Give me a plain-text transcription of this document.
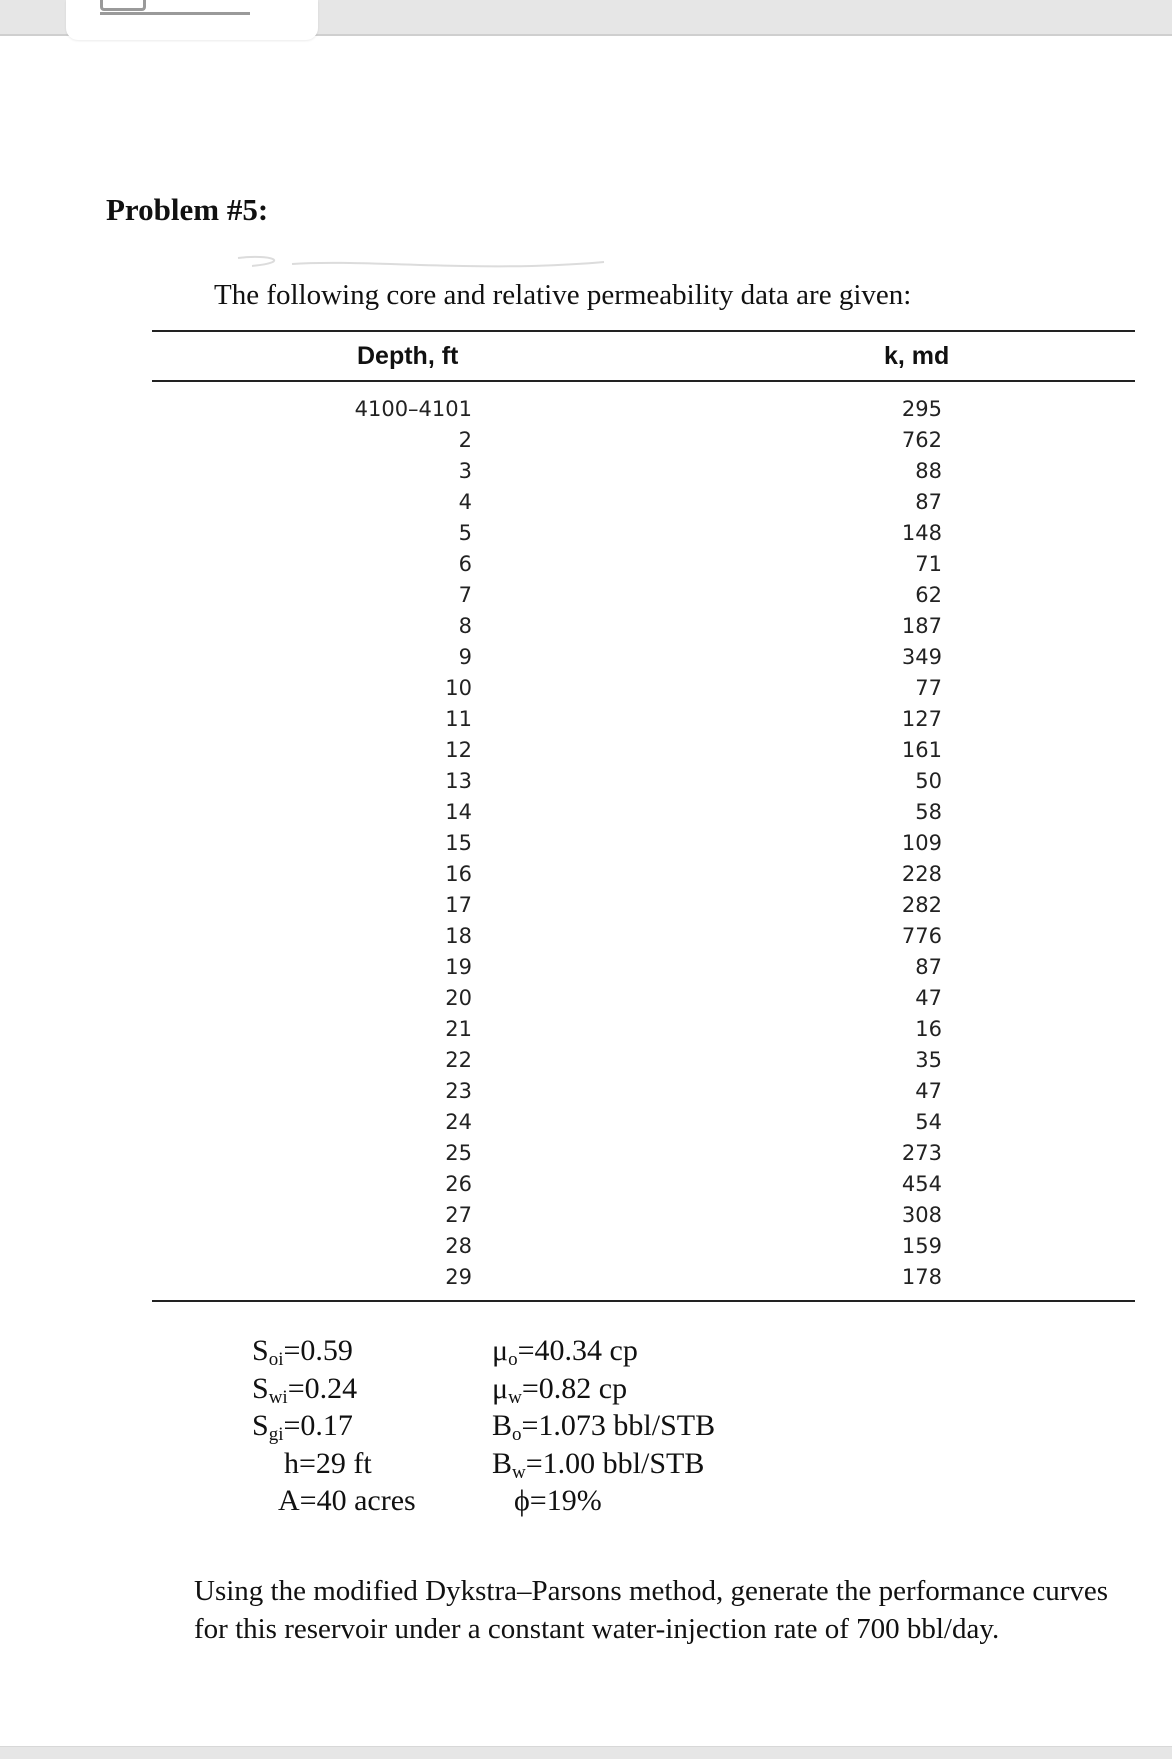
Problem #5:
The following core and relative permeability data are given:
Depth, ft	k, md
4100–4101
2
3
4
5
6
7
8
9
10
11
12
13
14
15
16
17
18
19
20
21
22
23
24
25
26
27
28
29
295
762
88
87
148
71
62
187
349
77
127
161
50
58
109
228
282
776
87
47
16
35
47
54
273
454
308
159
178
$S_{oi}=0.59$
$S_{wi}=0.24$
$S_{gi}=0.17$
h=29 ft
A=40 acres
$\mu_o=40.34$ cp
$\mu_w=0.82$ cp
$B_o=1.073$ bbl/STB
$B_w=1.00$ bbl/STB
ϕ=19%
Using the modified Dykstra–Parsons method, generate the performance curves for this reservoir under a constant water-injection rate of 700 bbl/day.
